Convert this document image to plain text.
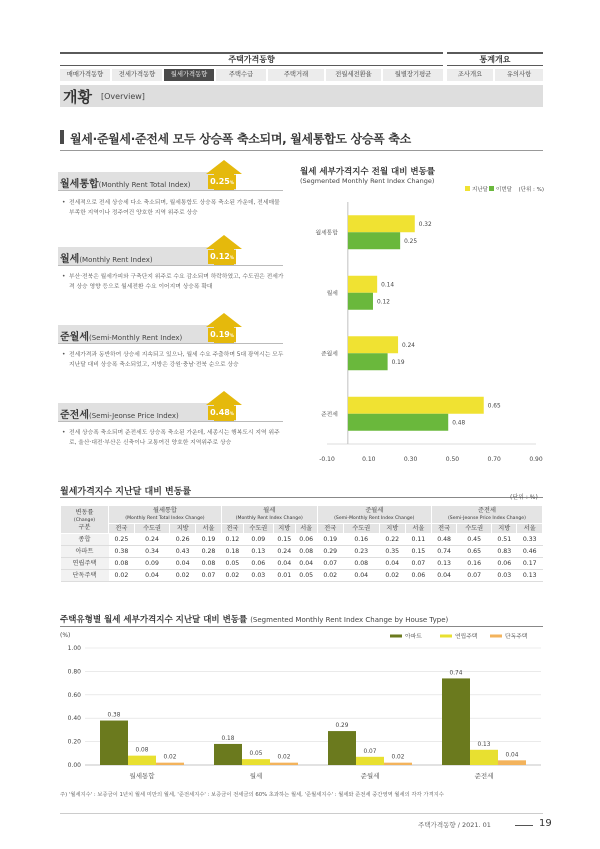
주택가격동향	통계개요
매매가격동향	전세가격동향	월세가격동향	주택수급	주택거래	전월세전환율	월별장기평균	조사개요	유의사항
개황 [Overview]
월세·준월세·준전세 모두 상승폭 축소되며, 월세통합도 상승폭 축소
월세통합(Monthly Rent Total Index) 0.25%
• 전세적으로 전세 상승세 다소 축소되며, 월세통합도 상승폭 축소된 가운데, 전세매물 부족한 지역이나 정주여건 양호한 지역 위주로 상승
월세(Monthly Rent Index)	0.12%
• 부산·전북은 월세가피와 구축단지 위주로 수요 감소되며 하락하였고, 수도권은 전세가격 상승 영향 등으로 월세전환 수요 이어지며 상승폭 확대
준월세(Semi-Monthly Rent Index)	0.19%
• 전세가격과 동반하여 상승세 지속되고 있으나, 월세 수요 주춤하며 5대 광역시는 모두 지난달 대비 상승폭 축소되었고, 지방은 강원·충남·전북 순으로 상승
준전세(Semi-Jeonse Price Index)	0.48%
• 전세 상승폭 축소되며 준전세도 상승폭 축소된 가운데, 세종시는 행복도시 지역 위주로, 울산·대전·부산은 신축이나 교통여건 양호한 지역위주로 상승
월세 세부가격지수 전월 대비 변동률
(Segmented Monthly Rent Index Change)
지난달 이번달 (단위 : %)
-0.10	0.10	0.30	0.50	0.70	0.90
월세통합
0.32
0.25
월세
0.14
0.12
준월세
0.24
0.19
준전세
0.65
0.48
월세가격지수 지난달 대비 변동률
(단위 : %)
변동률
(Change)
구분	월세통합
(Monthly Rent Total Index Change)				월세
(Monthly Rent Index Change)				준월세
(Semi-Monthly Rent Index Change)				준전세
(Semi-Jeonse Price Index Change)			
	전국	수도권	지방	서울	전국	수도권	지방	서울	전국	수도권	지방	서울	전국	수도권	지방	서울
종합	0.25	0.24	0.26	0.19	0.12	0.09	0.15	0.06	0.19	0.16	0.22	0.11	0.48	0.45	0.51	0.33
아파트	0.38	0.34	0.43	0.28	0.18	0.13	0.24	0.08	0.29	0.23	0.35	0.15	0.74	0.65	0.83	0.46
연립주택	0.08	0.09	0.04	0.08	0.05	0.06	0.04	0.04	0.07	0.08	0.04	0.07	0.13	0.16	0.06	0.17
단독주택	0.02	0.04	0.02	0.07	0.02	0.03	0.01	0.05	0.02	0.04	0.02	0.06	0.04	0.07	0.03	0.13
주택유형별 월세 세부가격지수 지난달 대비 변동률 (Segmented Monthly Rent Index Change by House Type)
(%)	아파트	연립주택	단독주택
0.00
0.20
0.40
0.60
0.80
1.00
월세통합
0.38
0.08
0.02
월세
0.18
0.05
0.02
준월세
0.29
0.07
0.02
준전세
0.74
0.13
0.04
주) '월세지수' : 보증금이 1년치 월세 미만의 월세, '준전세지수' : 보증금이 전세금의 60% 초과하는 월세, '준월세지수' : 월세와 준전세 중간영역 월세의 각각 가격지수
주택가격동향 / 2021. 01	19
